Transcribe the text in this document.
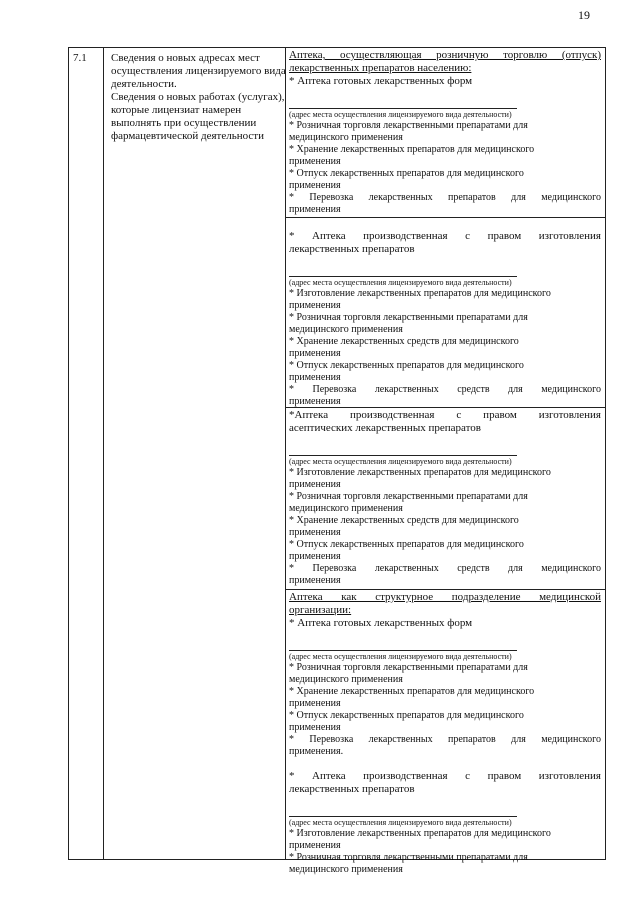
19
7.1 Сведения о новых адресах мест осуществления лицензируемого вида деятельности.

Сведения о новых работах (услугах), которые лицензиат намерен выполнять при осуществлении фармацевтической деятельности

Аптека, осуществляющая розничную торговлю (отпуск)
лекарственных препаратов населению:
* Аптека готовых лекарственных форм
(адрес места осуществления лицензируемого вида деятельности)
* Розничная торговля лекарственными препаратами для
медицинского применения
* Хранение лекарственных препаратов для медицинского
применения
* Отпуск лекарственных препаратов для медицинского
применения
* Перевозка лекарственных препаратов для медицинского
применения
* Аптека производственная с правом изготовления
лекарственных препаратов
(адрес места осуществления лицензируемого вида деятельности)
* Изготовление лекарственных препаратов для медицинского
применения
* Розничная торговля лекарственными препаратами для
медицинского применения
* Хранение лекарственных средств для медицинского
применения
* Отпуск лекарственных препаратов для медицинского
применения
* Перевозка лекарственных средств для медицинского
применения
*Аптека производственная с правом изготовления
асептических лекарственных препаратов
(адрес места осуществления лицензируемого вида деятельности)
* Изготовление лекарственных препаратов для медицинского
применения
* Розничная торговля лекарственными препаратами для
медицинского применения
* Хранение лекарственных средств для медицинского
применения
* Отпуск лекарственных препаратов для медицинского
применения
* Перевозка лекарственных средств для медицинского
применения
Аптека как структурное подразделение медицинской
организации:
* Аптека готовых лекарственных форм
(адрес места осуществления лицензируемого вида деятельности)
* Розничная торговля лекарственными препаратами для
медицинского применения
* Хранение лекарственных препаратов для медицинского
применения
* Отпуск лекарственных препаратов для медицинского
применения
* Перевозка лекарственных препаратов для медицинского
применения.
* Аптека производственная с правом изготовления
лекарственных препаратов
(адрес места осуществления лицензируемого вида деятельности)
* Изготовление лекарственных препаратов для медицинского
применения
* Розничная торговля лекарственными препаратами для
медицинского применения
